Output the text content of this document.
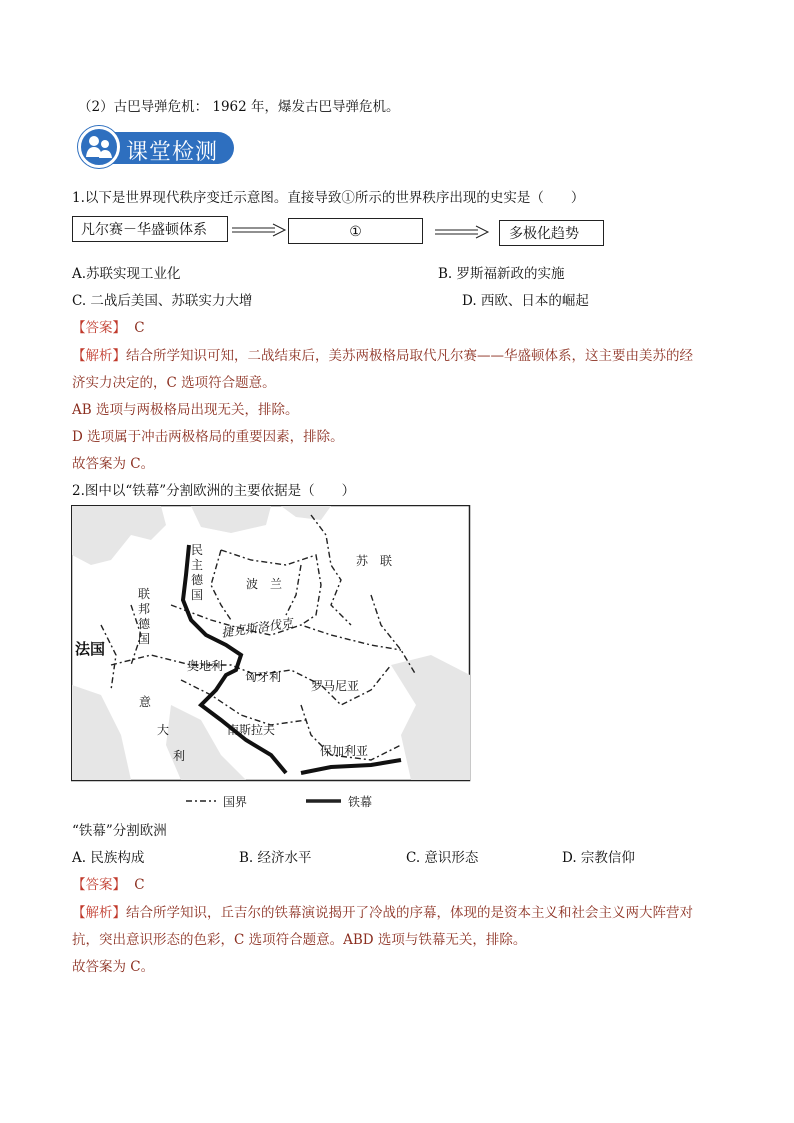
（2）古巴导弹危机： 1962 年，爆发古巴导弹危机。
课堂检测
1.以下是世界现代秩序变迁示意图。直接导致①所示的世界秩序出现的史实是（　　）
凡尔赛－华盛顿体系	①	多极化趋势
A.苏联实现工业化	B. 罗斯福新政的实施
C. 二战后美国、苏联实力大增	D. 西欧、日本的崛起
【答案】 C
【解析】结合所学知识可知，二战结束后，美苏两极格局取代凡尔赛——华盛顿体系，这主要由美苏的经
济实力决定的，C 选项符合题意。
AB 选项与两极格局出现无关，排除。
D 选项属于冲击两极格局的重要因素，排除。
故答案为 C。
2.图中以“铁幕”分割欧洲的主要依据是（　　）
苏　联
民
主
德
国
波　兰
联
邦
德
国	捷克斯洛伐克
法国
奥地利
匈牙利
罗马尼亚
意
大
利
南斯拉夫
保加利亚
国界	铁幕
“铁幕”分割欧洲
A. 民族构成	B. 经济水平	C. 意识形态	D. 宗教信仰
【答案】 C
【解析】结合所学知识，丘吉尔的铁幕演说揭开了冷战的序幕，体现的是资本主义和社会主义两大阵营对
抗，突出意识形态的色彩，C 选项符合题意。ABD 选项与铁幕无关，排除。
故答案为 C。
